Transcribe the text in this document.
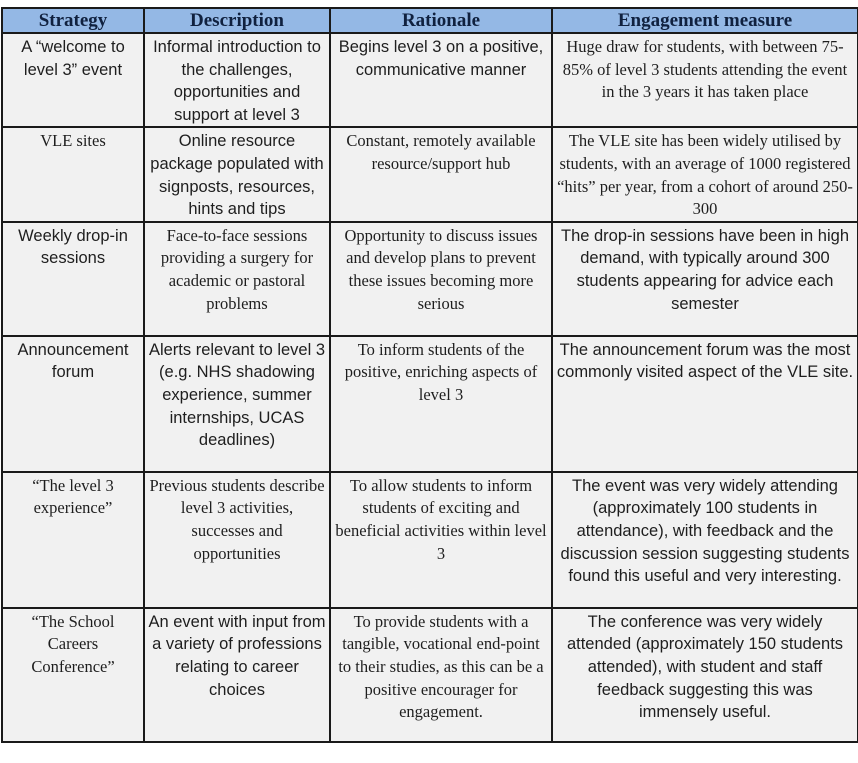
Strategy	Description	Rationale	Engagement measure
A “welcome to level 3” event	Informal introduction to the challenges, opportunities and support at level 3	Begins level 3 on a positive, communicative manner	Huge draw for students, with between 75-85% of level 3 students attending the event in the 3 years it has taken place
VLE sites	Online resource package populated with signposts, resources, hints and tips	Constant, remotely available resource/support hub	The VLE site has been widely utilised by students, with an average of 1000 registered “hits” per year, from a cohort of around 250-300
Weekly drop-in sessions	Face-to-face sessions providing a surgery for academic or pastoral problems	Opportunity to discuss issues and develop plans to prevent these issues becoming more serious	The drop-in sessions have been in high demand, with typically around 300 students appearing for advice each semester
Announcement forum	Alerts relevant to level 3 (e.g. NHS shadowing experience, summer internships, UCAS deadlines)	To inform students of the positive, enriching aspects of level 3	The announcement forum was the most commonly visited aspect of the VLE site.
“The level 3 experience”	Previous students describe level 3 activities, successes and opportunities	To allow students to inform students of exciting and beneficial activities within level 3	The event was very widely attending (approximately 100 students in attendance), with feedback and the discussion session suggesting students found this useful and very interesting.
“The School Careers Conference”	An event with input from a variety of professions relating to career choices	To provide students with a tangible, vocational end-point to their studies, as this can be a positive encourager for engagement.	The conference was very widely attended (approximately 150 students attended), with student and staff feedback suggesting this was immensely useful.
